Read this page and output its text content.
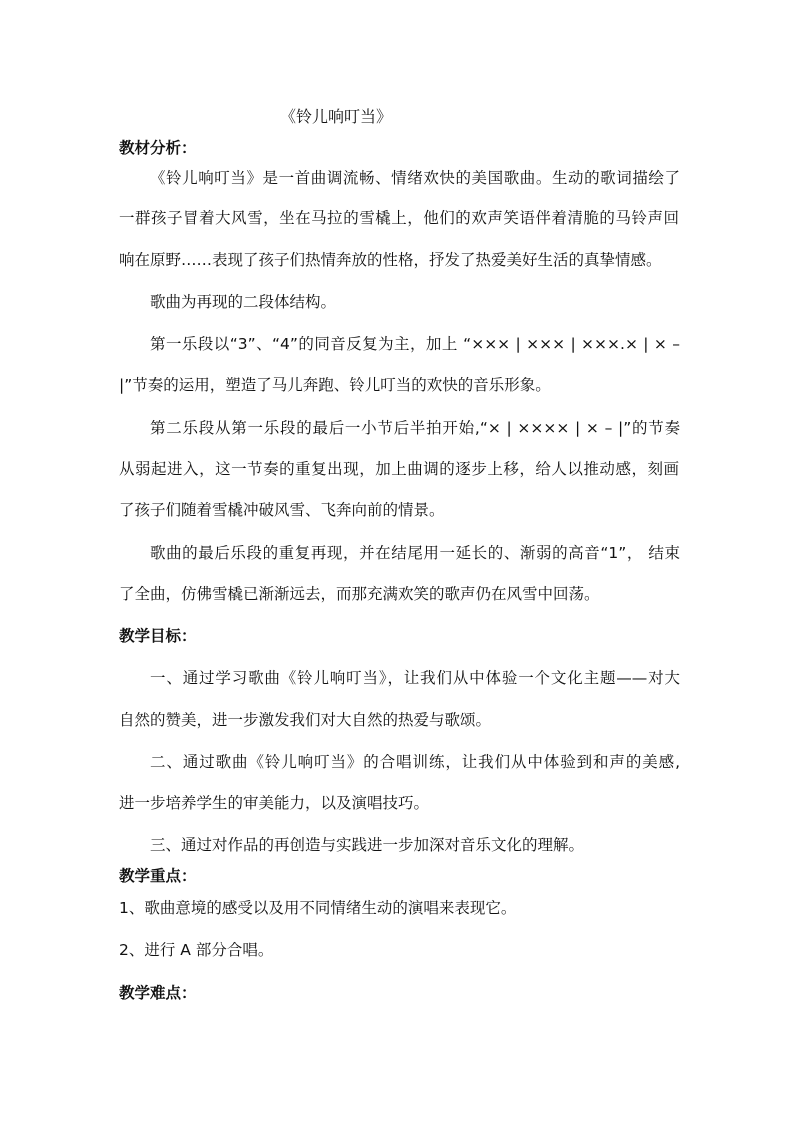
《铃儿响叮当》
教材分析：
《铃儿响叮当》是一首曲调流畅、情绪欢快的美国歌曲。生动的歌词描绘了
一群孩子冒着大风雪，坐在马拉的雪橇上，他们的欢声笑语伴着清脆的马铃声回
响在原野……表现了孩子们热情奔放的性格，抒发了热爱美好生活的真挚情感。
歌曲为再现的二段体结构。
第一乐段以“3”、“4”的同音反复为主，加上 “××× | ××× | ×××.× | × –
|”节奏的运用，塑造了马儿奔跑、铃儿叮当的欢快的音乐形象。
第二乐段从第一乐段的最后一小节后半拍开始,“× | ×××× | × – |”的节奏
从弱起进入，这一节奏的重复出现，加上曲调的逐步上移，给人以推动感，刻画
了孩子们随着雪橇冲破风雪、飞奔向前的情景。
歌曲的最后乐段的重复再现，并在结尾用一延长的、渐弱的高音“1”， 结束
了全曲，仿佛雪橇已渐渐远去，而那充满欢笑的歌声仍在风雪中回荡。
教学目标：
一、通过学习歌曲《铃儿响叮当》，让我们从中体验一个文化主题——对大
自然的赞美，进一步激发我们对大自然的热爱与歌颂。
二、通过歌曲《铃儿响叮当》的合唱训练，让我们从中体验到和声的美感,
进一步培养学生的审美能力，以及演唱技巧。
三、通过对作品的再创造与实践进一步加深对音乐文化的理解。
教学重点：
1、歌曲意境的感受以及用不同情绪生动的演唱来表现它。
2、进行 A 部分合唱。
教学难点：
